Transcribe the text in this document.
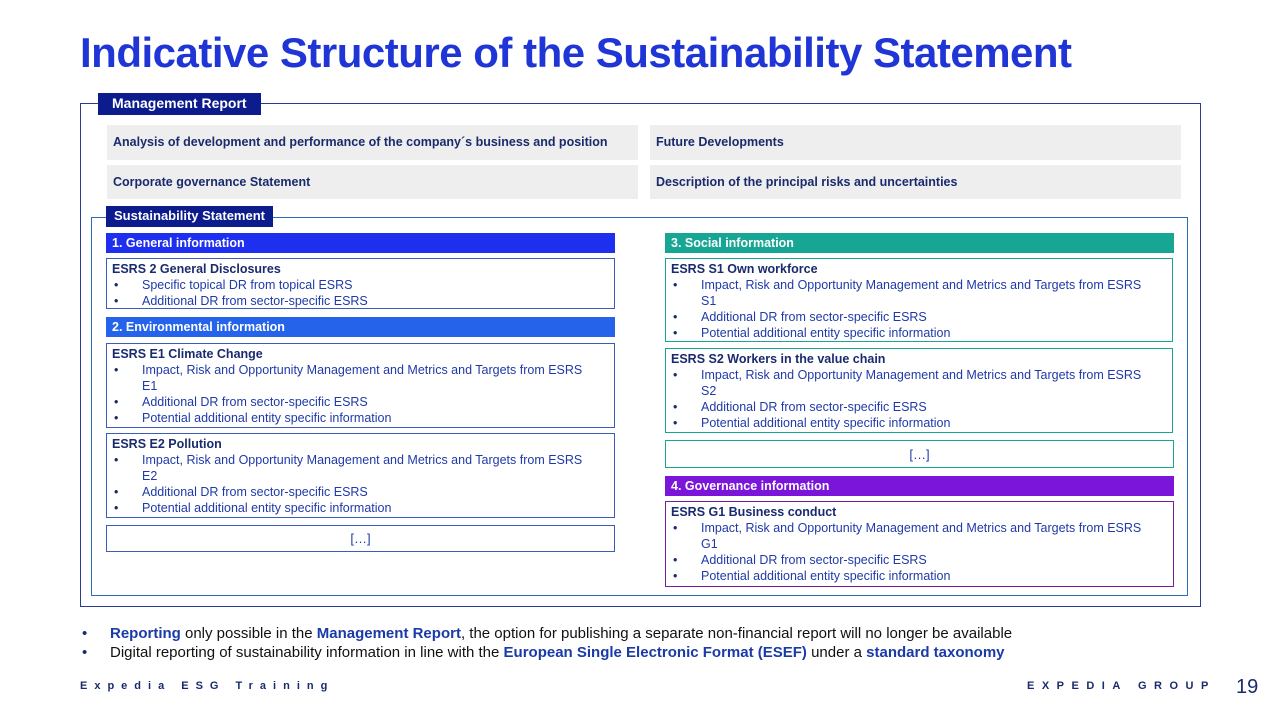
Indicative Structure of the Sustainability Statement
Management Report
Analysis of development and performance of the company´s business and position	Future Developments
Corporate governance Statement	Description of the principal risks and uncertainties
Sustainability Statement
1. General information
ESRS 2 General Disclosures
• Specific topical DR from topical ESRS
• Additional DR from sector-specific ESRS
2. Environmental information
ESRS E1 Climate Change
• Impact, Risk and Opportunity Management and Metrics and Targets from ESRS E1
• Additional DR from sector-specific ESRS
• Potential additional entity specific information
ESRS E2 Pollution
• Impact, Risk and Opportunity Management and Metrics and Targets from ESRS E2
• Additional DR from sector-specific ESRS
• Potential additional entity specific information
[…]
3. Social information
ESRS S1 Own workforce
• Impact, Risk and Opportunity Management and Metrics and Targets from ESRS S1
• Additional DR from sector-specific ESRS
• Potential additional entity specific information
ESRS S2 Workers in the value chain
• Impact, Risk and Opportunity Management and Metrics and Targets from ESRS S2
• Additional DR from sector-specific ESRS
• Potential additional entity specific information
[…]
4. Governance information
ESRS G1 Business conduct
• Impact, Risk and Opportunity Management and Metrics and Targets from ESRS G1
• Additional DR from sector-specific ESRS
• Potential additional entity specific information
• Reporting only possible in the Management Report, the option for publishing a separate non-financial report will no longer be available
• Digital reporting of sustainability information in line with the European Single Electronic Format (ESEF) under a standard taxonomy
Expedia ESG Training	EXPEDIA GROUP 19
